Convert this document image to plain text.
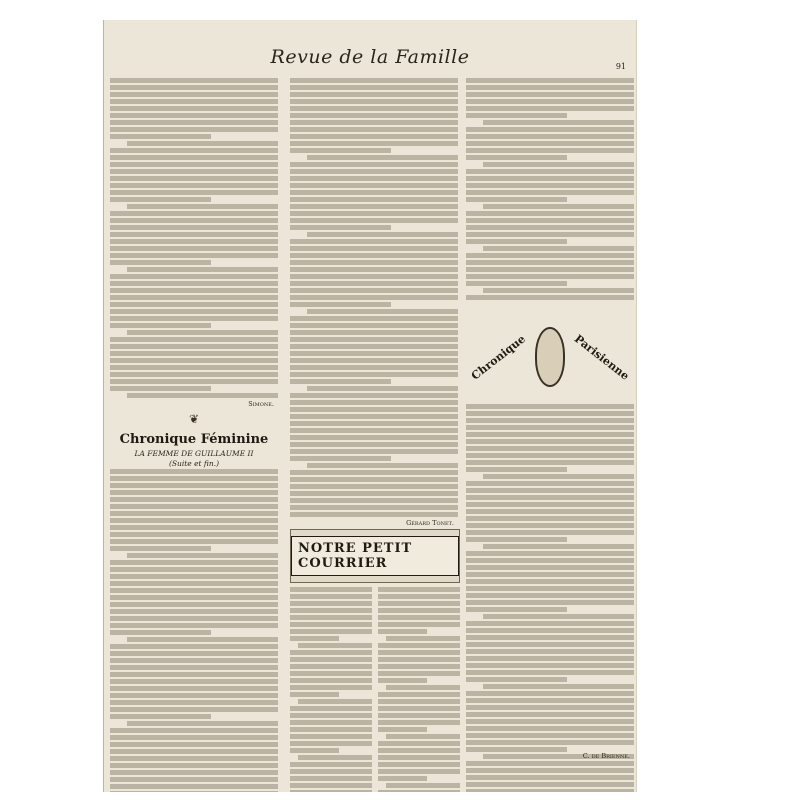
Revue de la Famille	91
Simone.
❦
Chronique Féminine
LA FEMME DE GUILLAUME II
(Suite et fin.)
Gérard Tonet.
Chronique	Parisienne
NOTRE PETIT COURRIER
C. de Brienne.
